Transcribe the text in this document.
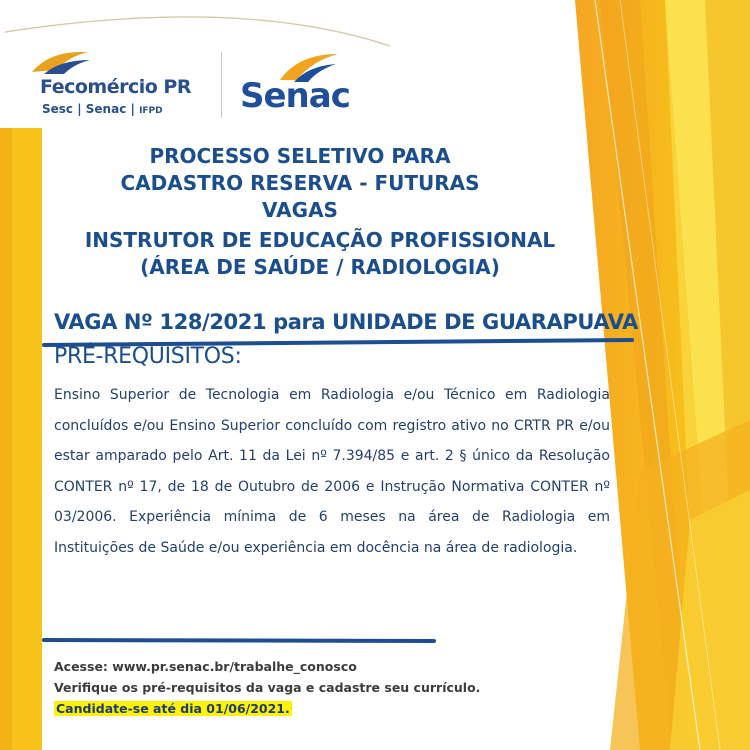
Fecomércio PR
Sesc | Senac | IFPD Senac
PROCESSO SELETIVO PARA
CADASTRO RESERVA - FUTURAS VAGAS
INSTRUTOR DE EDUCAÇÃO PROFISSIONAL
(ÁREA DE SAÚDE / RADIOLOGIA)
VAGA Nº 128/2021 para UNIDADE DE GUARAPUAVA
PRÉ-REQUISITOS:
Ensino Superior de Tecnologia em Radiologia e/ou Técnico em Radiologia concluídos e/ou Ensino Superior concluído com registro ativo no CRTR PR e/ou estar amparado pelo Art. 11 da Lei nº 7.394/85 e art. 2 § único da Resolução CONTER nº 17, de 18 de Outubro de 2006 e Instrução Normativa CONTER nº 03/2006. Experiência mínima de 6 meses na área de Radiologia em Instituições de Saúde e/ou experiência em docência na área de radiologia.
Acesse: www.pr.senac.br/trabalhe_conosco
Verifique os pré-requisitos da vaga e cadastre seu currículo.
Candidate-se até dia 01/06/2021.
